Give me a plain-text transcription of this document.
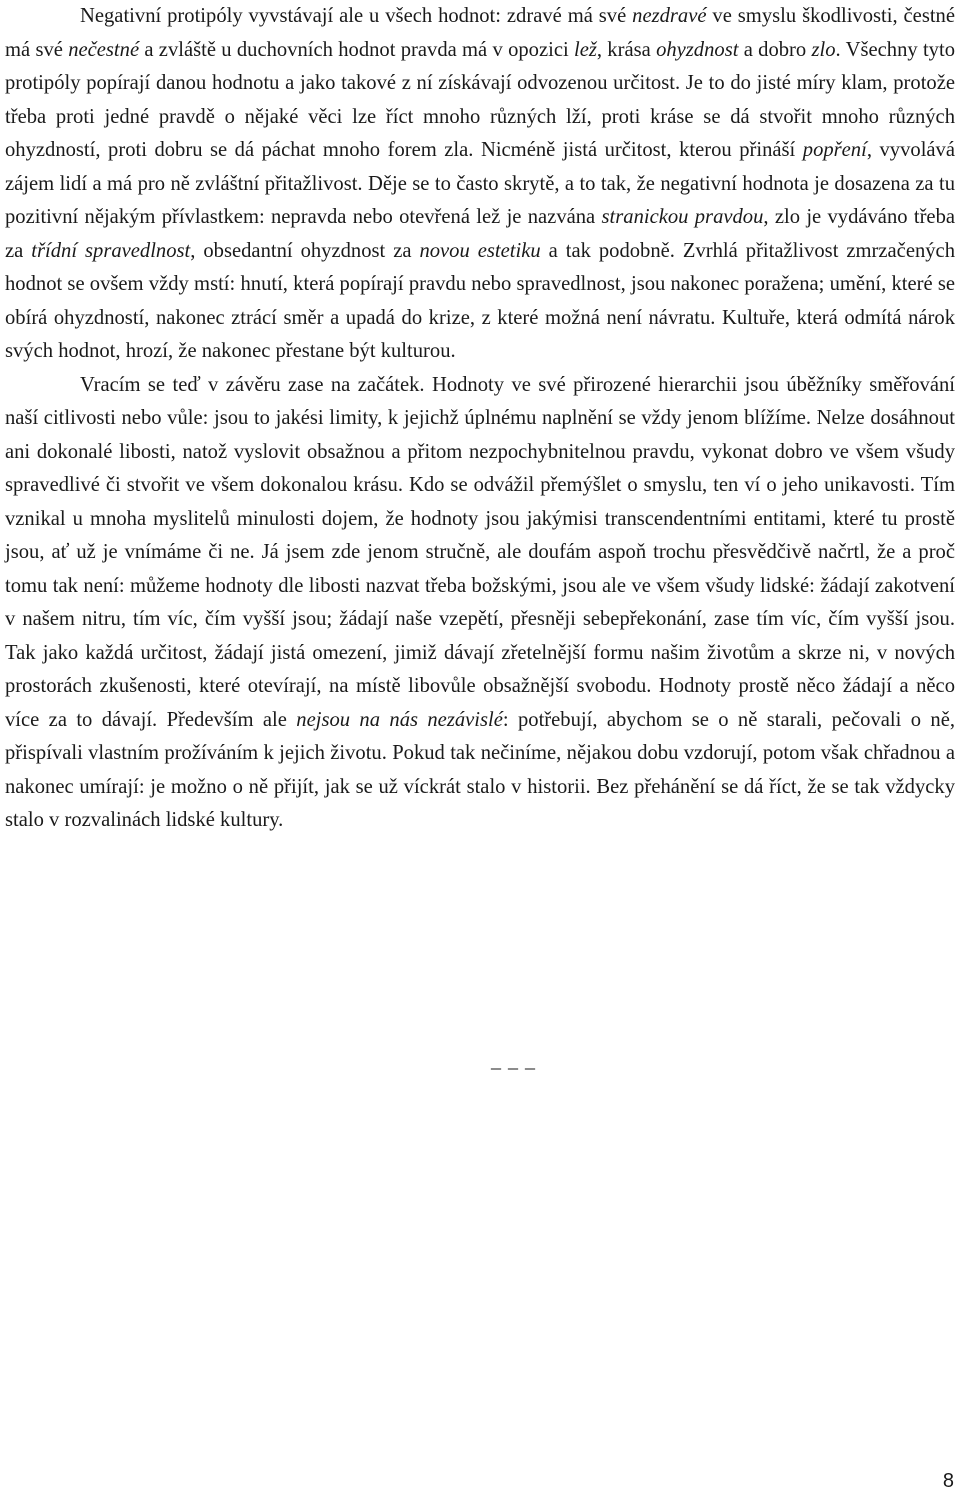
Negativní protipóly vyvstávají ale u všech hodnot: zdravé má své nezdravé ve smyslu škodlivosti, čestné má své nečestné a zvláště u duchovních hodnot pravda má v opozici lež, krása ohyzdnost a dobro zlo. Všechny tyto protipóly popírají danou hodnotu a jako takové z ní získávají odvozenou určitost. Je to do jisté míry klam, protože třeba proti jedné pravdě o nějaké věci lze říct mnoho různých lží, proti kráse se dá stvořit mnoho různých ohyzdností, proti dobru se dá páchat mnoho forem zla. Nicméně jistá určitost, kterou přináší popření, vyvolává zájem lidí a má pro ně zvláštní přitažlivost. Děje se to často skrytě, a to tak, že negativní hodnota je dosazena za tu pozitivní nějakým přívlastkem: nepravda nebo otevřená lež je nazvána stranickou pravdou, zlo je vydáváno třeba za třídní spravedlnost, obsedantní ohyzdnost za novou estetiku a tak podobně. Zvrhlá přitažlivost zmrzačených hodnot se ovšem vždy mstí: hnutí, která popírají pravdu nebo spravedlnost, jsou nakonec poražena; umění, které se obírá ohyzdností, nakonec ztrácí směr a upadá do krize, z které možná není návratu. Kultuře, která odmítá nárok svých hodnot, hrozí, že nakonec přestane být kulturou.

Vracím se teď v závěru zase na začátek. Hodnoty ve své přirozené hierarchii jsou úběžníky směřování naší citlivosti nebo vůle: jsou to jakési limity, k jejichž úplnému naplnění se vždy jenom blížíme. Nelze dosáhnout ani dokonalé libosti, natož vyslovit obsažnou a přitom nezpochybnitelnou pravdu, vykonat dobro ve všem všudy spravedlivé či stvořit ve všem dokonalou krásu. Kdo se odvážil přemýšlet o smyslu, ten ví o jeho unikavosti. Tím vznikal u mnoha myslitelů minulosti dojem, že hodnoty jsou jakýmisi transcendentními entitami, které tu prostě jsou, ať už je vnímáme či ne. Já jsem zde jenom stručně, ale doufám aspoň trochu přesvědčivě načrtl, že a proč tomu tak není: můžeme hodnoty dle libosti nazvat třeba božskými, jsou ale ve všem všudy lidské: žádají zakotvení v našem nitru, tím víc, čím vyšší jsou; žádají naše vzepětí, přesněji sebepřekonání, zase tím víc, čím vyšší jsou. Tak jako každá určitost, žádají jistá omezení, jimiž dávají zřetelnější formu našim životům a skrze ni, v nových prostorách zkušenosti, které otevírají, na místě libovůle obsažnější svobodu. Hodnoty prostě něco žádají a něco více za to dávají. Především ale nejsou na nás nezávislé: potřebují, abychom se o ně starali, pečovali o ně, přispívali vlastním prožíváním k jejich životu. Pokud tak nečiníme, nějakou dobu vzdorují, potom však chřadnou a nakonec umírají: je možno o ně přijít, jak se už víckrát stalo v historii. Bez přehánění se dá říct, že se tak vždycky stalo v rozvalinách lidské kultury.

_ _ _
8
